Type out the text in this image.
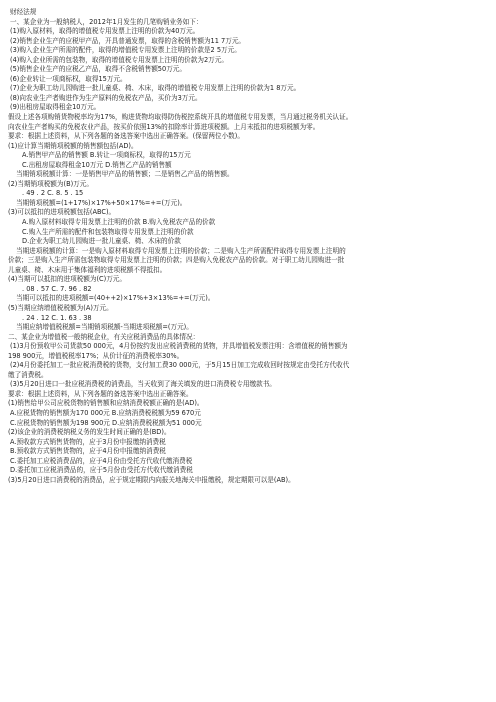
财经法规
一、某企业为一般纳税人，2012年1月发生的几笔购销业务如下：
(1)购入原材料，取得的增值税专用发票上注明的价款为40万元。
(2)销售企业生产的应税甲产品，开具普通发票，取得的含税销售额为11 7万元。
(3)购入企业生产所需的配件，取得的增值税专用发票上注明的价款是2 5万元。
(4)购入企业所需的包装物，取得的增值税专用发票上注明的价款为2万元。
(5)销售企业生产的应税乙产品，取得不含税销售额50万元。
(6)企业转让一项商标权，取得15万元。
(7)企业为职工幼儿园购进一批儿童桌、椅、木床，取得的增值税专用发票上注明的价款为1 8万元。
(8)向农业生产者购进作为生产原料的免税农产品，买价为3万元。
(9)出租房屋取得租金10万元。
假设上述各项购销货物税率均为17%，购进货物均取得防伪税控系统开具的增值税专用发票，当月通过税务机关认证。
向农业生产者购买的免税农业产品，按买价依照13%的扣除率计算进项税额。上月末抵扣的进项税额为零。
要求：根据上述资料，从下列各题的备选答案中选出正确答案。(保留两位小数)。
(1)应计算当期销项税额的销售额包括(AD)。
A.销售甲产品的销售额 B.转让一项商标权，取得的15万元
C.出租房屋取得租金10万元 D.销售乙产品的销售额
当期销项税额计算：一是销售甲产品的销售额；二是销售乙产品的销售额。
(2)当期销项税额为(B)万元。
. 49 . 2 C. 8. 5 . 15
当期销项税额=(1+17%)×17%+50×17%=+=(万元)。
(3)可以抵扣的进项税额包括(ABC)。
A.购入原材料取得专用发票上注明的价款 B.购入免税农产品的价款
C.购入生产所需的配件和包装物取得专用发票上注明的价款
D.企业为职工幼儿园购进一批儿童桌、椅、木床的价款
当期进项税额的计算：一是购入原材料取得专用发票上注明的价款；二是购入生产所需配件取得专用发票上注明的
价款；三是购入生产所需包装物取得专用发票上注明的价款；四是购入免税农产品的价款。对于职工幼儿园购进一批
儿童桌、椅、木床用于集体福利的进项税额不得抵扣。
(4)当期可以抵扣的进项税额为(C)万元。
. 08 . 57 C. 7. 96 . 82
当期可以抵扣的进项税额=(40++2)×17%+3×13%=+=(万元)。
(5)当期应纳增值税税额为(A)万元。
. 24 . 12 C. 1. 63 . 38
当期应纳增值税税额=当期销项税额-当期进项税额=(万元)。
二、某企业为增值税一般纳税企业，有关应税消费品的具体情况：
(1)3月份预收甲公司货款50 000元，4月份按约发出应税消费税的货物，并具增值税发票注明：含增值税的销售额为
198 900元，增值税税率17%；从价计征的消费税率30%。
(2)4月份委托加工一批应税消费税的货物，支付加工费30 000元，于5月15日加工完成收回时按规定由受托方代收代
缴了消费税。
(3)5月20日进口一批应税消费税的消费品，当天收到了海关填发的进口消费税专用缴款书。
要求：根据上述资料，从下列各题的备选答案中选出正确答案。
(1)销售给甲公司应税货物的销售额和应纳消费税额正确的是(AD)。
A.应税货物的销售额为170 000元 B.应纳消费税税额为59 670元
C.应税货物的销售额为198 900元 D.应纳消费税税额为51 000元
(2)该企业的消费税纳税义务的发生时间正确的是(BD)。
A.预收款方式销售货物的，应于3月份申报缴纳消费税
B.预收款方式销售货物的，应于4月份申报缴纳消费税
C.委托加工应税消费品的，应于4月份由受托方代收代缴消费税
D.委托加工应税消费品的，应于5月份由受托方代收代缴消费税
(3)5月20日进口消费税的消费品，应于规定期限内向报关地海关申报缴税，规定期限可以是(AB)。
